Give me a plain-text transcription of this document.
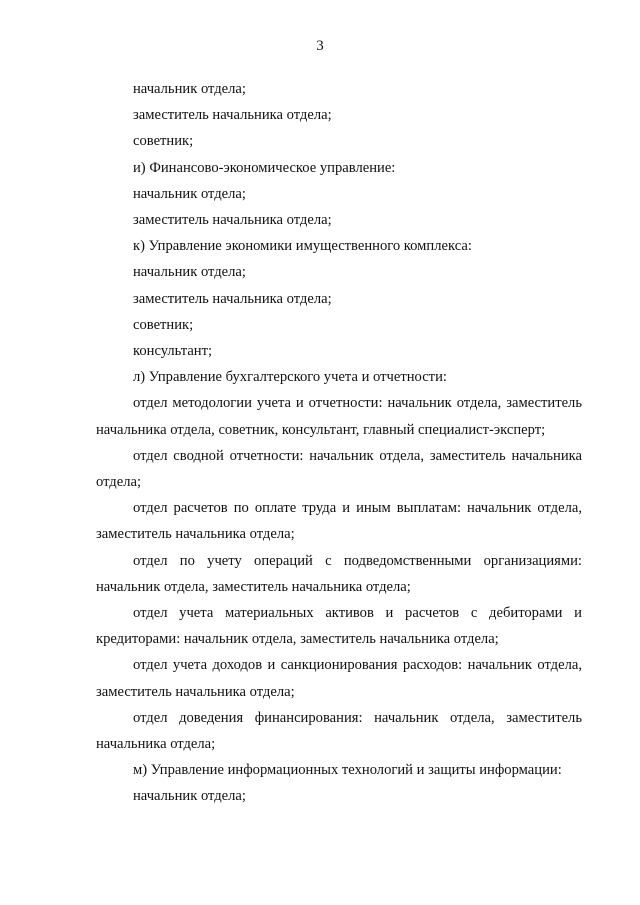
3

начальник отдела;

заместитель начальника отдела;

советник;

и) Финансово-экономическое управление:

начальник отдела;

заместитель начальника отдела;

к) Управление экономики имущественного комплекса:

начальник отдела;

заместитель начальника отдела;

советник;

консультант;

л) Управление бухгалтерского учета и отчетности:

отдел методологии учета и отчетности: начальник отдела, заместитель начальника отдела, советник, консультант, главный специалист-эксперт;

отдел сводной отчетности: начальник отдела, заместитель начальника отдела;

отдел расчетов по оплате труда и иным выплатам: начальник отдела, заместитель начальника отдела;

отдел по учету операций с подведомственными организациями: начальник отдела, заместитель начальника отдела;

отдел учета материальных активов и расчетов с дебиторами и кредиторами: начальник отдела, заместитель начальника отдела;

отдел учета доходов и санкционирования расходов: начальник отдела, заместитель начальника отдела;

отдел доведения финансирования: начальник отдела, заместитель начальника отдела;

м) Управление информационных технологий и защиты информации:

начальник отдела;
